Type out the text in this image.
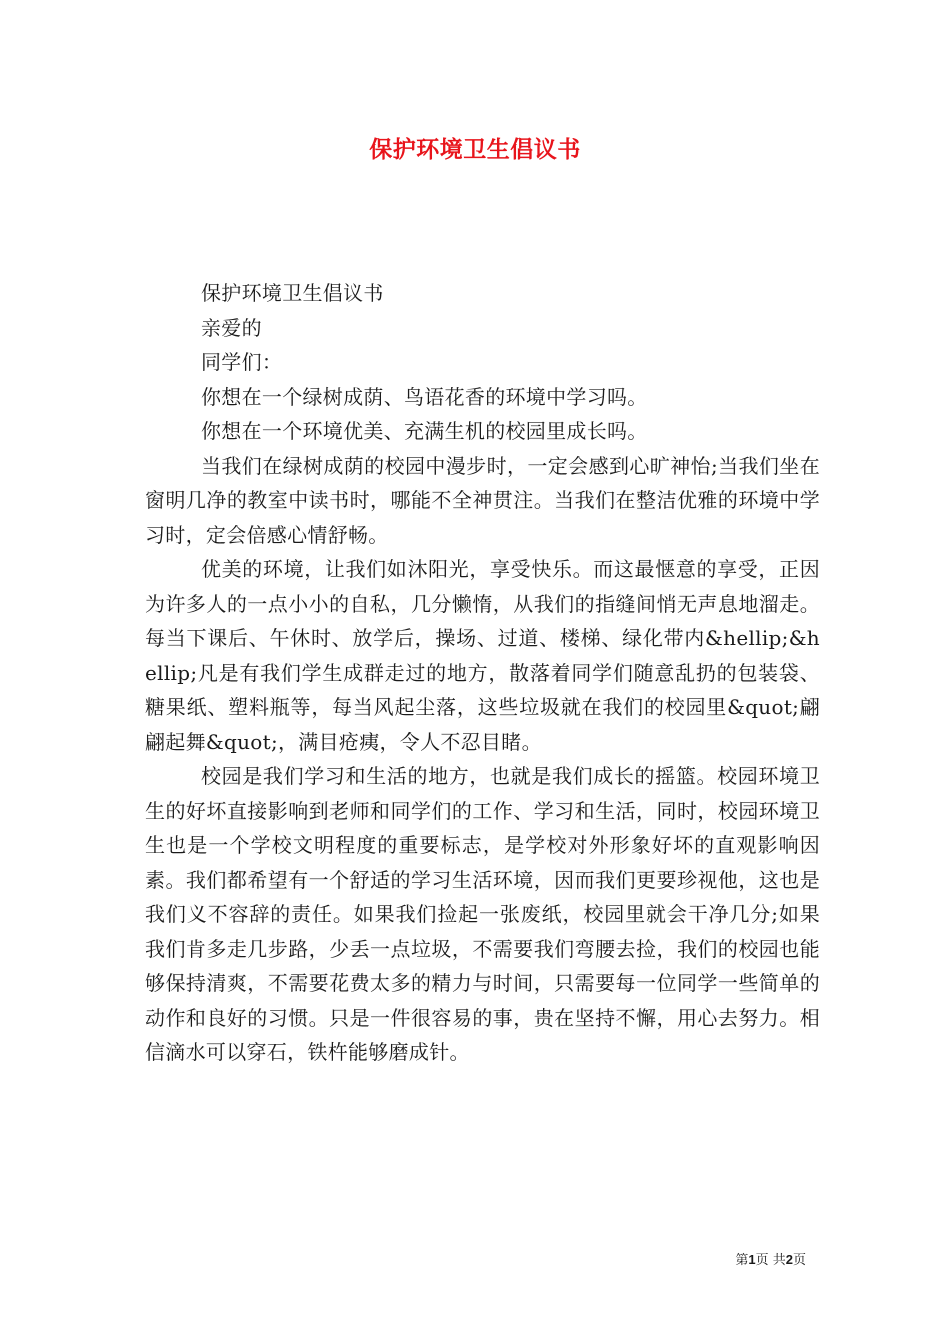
保护环境卫生倡议书

保护环境卫生倡议书

亲爱的

同学们：

你想在一个绿树成荫、鸟语花香的环境中学习吗。

你想在一个环境优美、充满生机的校园里成长吗。

当我们在绿树成荫的校园中漫步时，一定会感到心旷神怡;当我们坐在窗明几净的教室中读书时，哪能不全神贯注。当我们在整洁优雅的环境中学习时，定会倍感心情舒畅。

优美的环境，让我们如沐阳光，享受快乐。而这最惬意的享受，正因为许多人的一点小小的自私，几分懒惰，从我们的指缝间悄无声息地溜走。每当下课后、午休时、放学后，操场、过道、楼梯、绿化带内&hellip;&hellip;凡是有我们学生成群走过的地方，散落着同学们随意乱扔的包装袋、糖果纸、塑料瓶等，每当风起尘落，这些垃圾就在我们的校园里&quot;翩翩起舞&quot;，满目疮痍，令人不忍目睹。

校园是我们学习和生活的地方，也就是我们成长的摇篮。校园环境卫生的好坏直接影响到老师和同学们的工作、学习和生活，同时，校园环境卫生也是一个学校文明程度的重要标志，是学校对外形象好坏的直观影响因素。我们都希望有一个舒适的学习生活环境，因而我们更要珍视他，这也是我们义不容辞的责任。如果我们捡起一张废纸，校园里就会干净几分;如果我们肯多走几步路，少丢一点垃圾，不需要我们弯腰去捡，我们的校园也能够保持清爽，不需要花费太多的精力与时间，只需要每一位同学一些简单的动作和良好的习惯。只是一件很容易的事，贵在坚持不懈，用心去努力。相信滴水可以穿石，铁杵能够磨成针。

第1页 共2页
